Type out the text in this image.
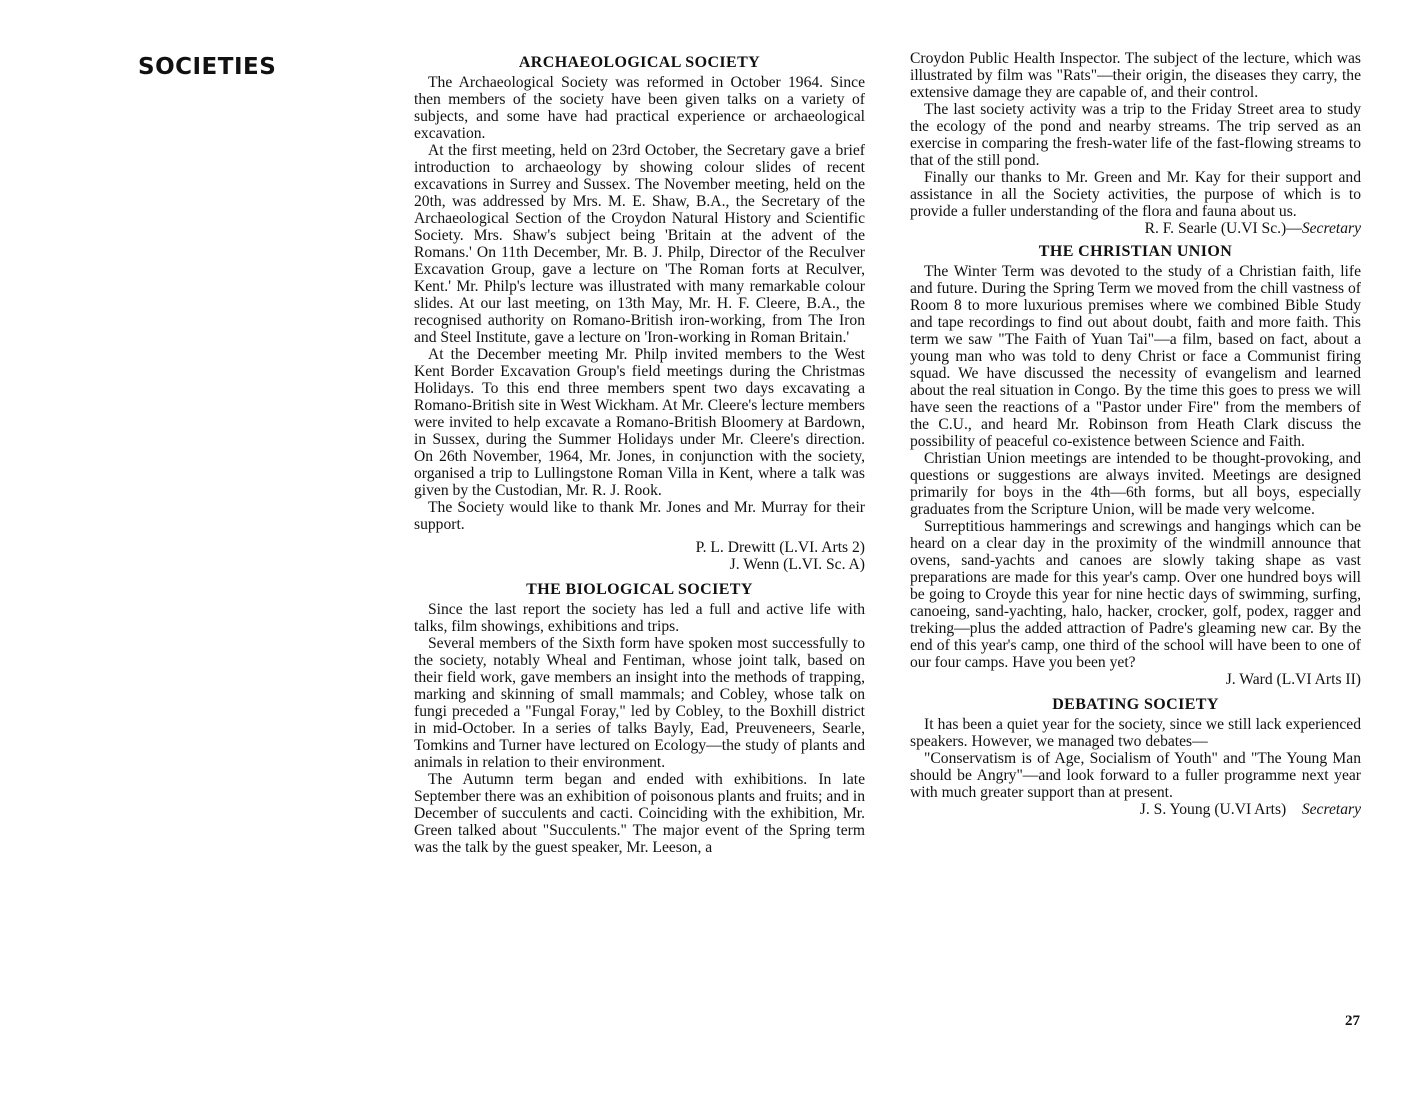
SOCIETIES	ARCHAEOLOGICAL SOCIETY

The Archaeological Society was reformed in October 1964. Since then members of the society have been given talks on a variety of subjects, and some have had practical experience or archaeological excavation.

At the first meeting, held on 23rd October, the Secretary gave a brief introduction to archaeology by showing colour slides of recent excavations in Surrey and Sussex. The November meeting, held on the 20th, was addressed by Mrs. M. E. Shaw, B.A., the Secretary of the Archaeological Section of the Croydon Natural History and Scientific Society. Mrs. Shaw's subject being 'Britain at the advent of the Romans.' On 11th December, Mr. B. J. Philp, Director of the Reculver Excavation Group, gave a lecture on 'The Roman forts at Reculver, Kent.' Mr. Philp's lecture was illustrated with many remarkable colour slides. At our last meeting, on 13th May, Mr. H. F. Cleere, B.A., the recognised authority on Romano-British iron-working, from The Iron and Steel Institute, gave a lecture on 'Iron-working in Roman Britain.'

At the December meeting Mr. Philp invited members to the West Kent Border Excavation Group's field meetings during the Christmas Holidays. To this end three members spent two days excavating a Romano-British site in West Wickham. At Mr. Cleere's lecture members were invited to help excavate a Romano-British Bloomery at Bardown, in Sussex, during the Summer Holidays under Mr. Cleere's direction. On 26th November, 1964, Mr. Jones, in conjunction with the society, organised a trip to Lullingstone Roman Villa in Kent, where a talk was given by the Custodian, Mr. R. J. Rook.

The Society would like to thank Mr. Jones and Mr. Murray for their support.

P. L. Drewitt (L.VI. Arts 2)

J. Wenn (L.VI. Sc. A)

THE BIOLOGICAL SOCIETY

Since the last report the society has led a full and active life with talks, film showings, exhibitions and trips.

Several members of the Sixth form have spoken most successfully to the society, notably Wheal and Fentiman, whose joint talk, based on their field work, gave members an insight into the methods of trapping, marking and skinning of small mammals; and Cobley, whose talk on fungi preceded a "Fungal Foray," led by Cobley, to the Boxhill district in mid-October. In a series of talks Bayly, Ead, Preuveneers, Searle, Tomkins and Turner have lectured on Ecology—the study of plants and animals in relation to their environment.

The Autumn term began and ended with exhibitions. In late September there was an exhibition of poisonous plants and fruits; and in December of succulents and cacti. Coinciding with the exhibition, Mr. Green talked about "Succulents." The major event of the Spring term was the talk by the guest speaker, Mr. Leeson, a

Croydon Public Health Inspector. The subject of the lecture, which was illustrated by film was "Rats"—their origin, the diseases they carry, the extensive damage they are capable of, and their control.

The last society activity was a trip to the Friday Street area to study the ecology of the pond and nearby streams. The trip served as an exercise in comparing the fresh-water life of the fast-flowing streams to that of the still pond.

Finally our thanks to Mr. Green and Mr. Kay for their support and assistance in all the Society activities, the purpose of which is to provide a fuller understanding of the flora and fauna about us.

R. F. Searle (U.VI Sc.)—Secretary

THE CHRISTIAN UNION

The Winter Term was devoted to the study of a Christian faith, life and future. During the Spring Term we moved from the chill vastness of Room 8 to more luxurious premises where we combined Bible Study and tape recordings to find out about doubt, faith and more faith. This term we saw "The Faith of Yuan Tai"—a film, based on fact, about a young man who was told to deny Christ or face a Communist firing squad. We have discussed the necessity of evangelism and learned about the real situation in Congo. By the time this goes to press we will have seen the reactions of a "Pastor under Fire" from the members of the C.U., and heard Mr. Robinson from Heath Clark discuss the possibility of peaceful co-existence between Science and Faith.

Christian Union meetings are intended to be thought-provoking, and questions or suggestions are always invited. Meetings are designed primarily for boys in the 4th—6th forms, but all boys, especially graduates from the Scripture Union, will be made very welcome.

Surreptitious hammerings and screwings and hangings which can be heard on a clear day in the proximity of the windmill announce that ovens, sand-yachts and canoes are slowly taking shape as vast preparations are made for this year's camp. Over one hundred boys will be going to Croyde this year for nine hectic days of swimming, surfing, canoeing, sand-yachting, halo, hacker, crocker, golf, podex, ragger and treking—plus the added attraction of Padre's gleaming new car. By the end of this year's camp, one third of the school will have been to one of our four camps. Have you been yet?

J. Ward (L.VI Arts II)

DEBATING SOCIETY

It has been a quiet year for the society, since we still lack experienced speakers. However, we managed two debates—

"Conservatism is of Age, Socialism of Youth" and "The Young Man should be Angry"—and look forward to a fuller programme next year with much greater support than at present.

J. S. Young (U.VI Arts) Secretary

27
